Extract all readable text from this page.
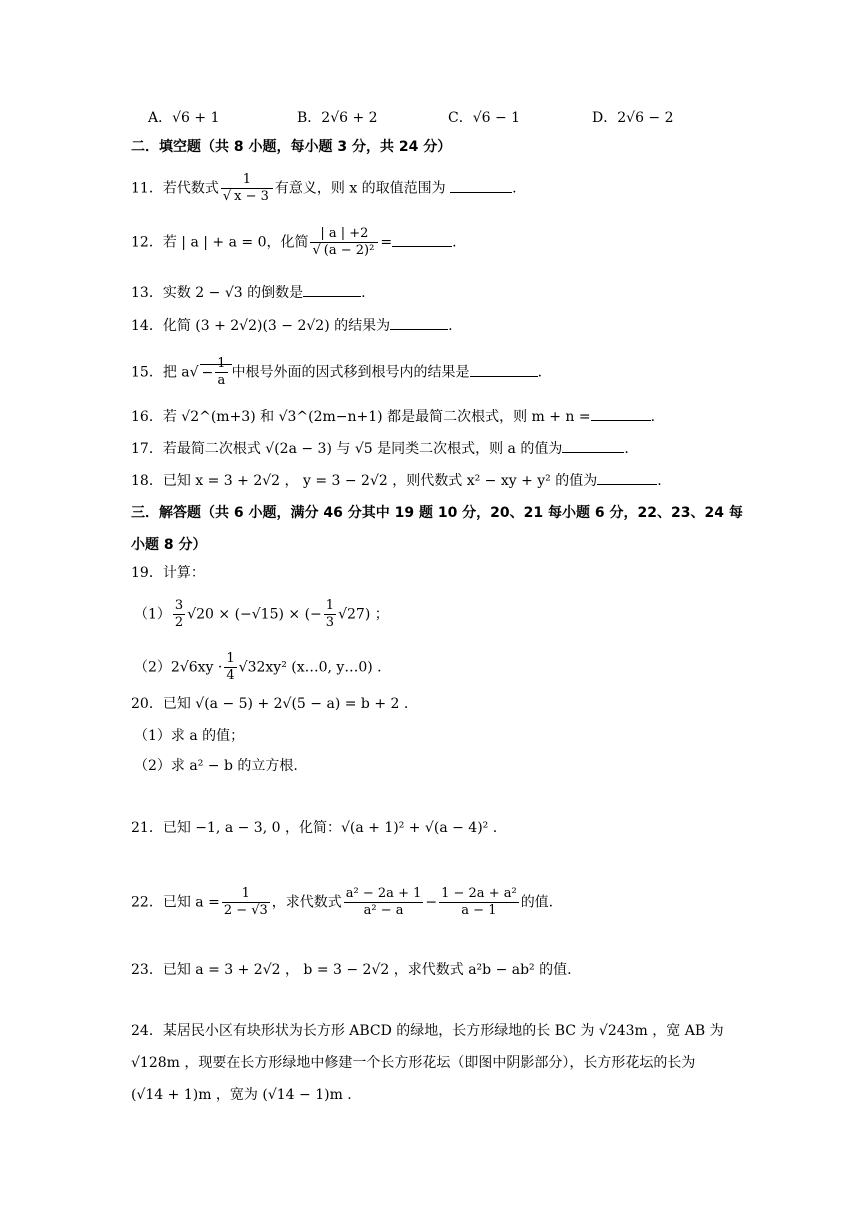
A．√6 + 1	B．2√6 + 2	C．√6 − 1	D．2√6 − 2
二．填空题（共 8 小题，每小题 3 分，共 24 分）
11．若代数式 $\frac{1}{√ x - 3}$ 有意义，则 x 的取值范围为	.
12．若 | a | + a = 0，化简 $\frac{| a | +2}{\text{√ (a − 2)²}}$ =	.
13．实数 2 − √3 的倒数是	.
14．化简 (3 + 2√2)(3 − 2√2) 的结果为	.
15．把 $a√ - \frac{1}{a}$ 中根号外面的因式移到根号内的结果是	.
16．若 √2^(m+3) 和 √3^(2m−n+1) 都是最简二次根式，则 m + n =	.
17．若最简二次根式 √(2a − 3) 与 √5 是同类二次根式，则 a 的值为	.
18．已知 x = 3 + 2√2 ， y = 3 − 2√2 ，则代数式 x² − xy + y² 的值为	.
三．解答题（共 6 小题，满分 46 分其中 19 题 10 分，20、21 每小题 6 分，22、23、24 每
小题 8 分）
19．计算：
$(1) \frac{3}{2} √20 \times (-√15)$ × (− $\frac{1}{3} √27$) ；
$(2)2√6xy \cdot \frac{1}{4} √32xy^2$ (x…0, y…0) .
20．已知 √(a − 5) + 2√(5 − a) = b + 2 .
（1）求 a 的值；
（2）求 a² − b 的立方根.
21．已知 −1, a − 3, 0 ，化简：√(a + 1)² + √(a − 4)² .
22．已知 $a = \frac{1}{2 - √3}$ ，求代数式 $\frac{\text{a² − 2a + 1}}{\text{a² − a}} - \frac{\text{1 − 2a + a²}}{a - 1}$ 的值.
23．已知 a = 3 + 2√2 ， b = 3 − 2√2 ，求代数式 a²b − ab² 的值.
24．某居民小区有块形状为长方形 ABCD 的绿地，长方形绿地的长 BC 为 √243m ，宽 AB 为
√128m ，现要在长方形绿地中修建一个长方形花坛（即图中阴影部分），长方形花坛的长为
(√14 + 1)m ，宽为 (√14 − 1)m .
